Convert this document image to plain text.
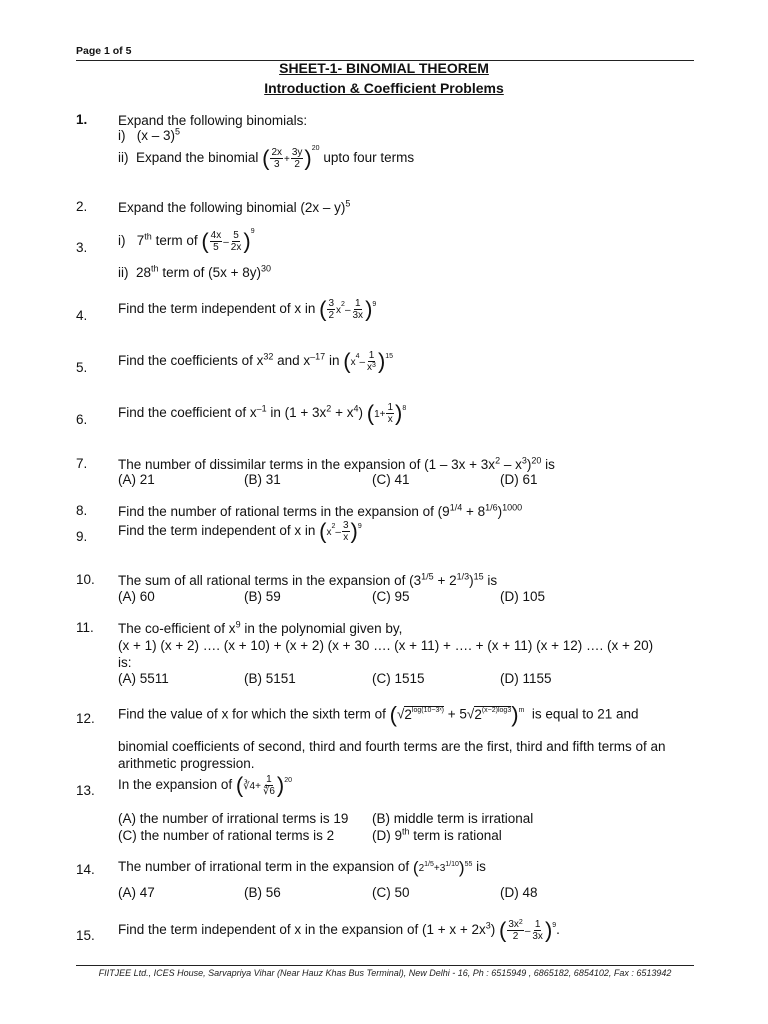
Page 1 of 5
SHEET-1- BINOMIAL THEOREM
Introduction & Coefficient Problems
1.	Expand the following binomials:
i) (x – 3)$^5$
ii) Expand the binomial ( $\frac{2x}{3} + \frac{3y}{2} )^{20}$ upto four terms
2.	Expand the following binomial (2x – y)$^5$
3.	i) 7th term of ( $\frac{4x}{5} - \frac{5}{2x} )^9$
ii) 28th term of $(5x + 8y)^{30}$
4.	Find the term independent of x in ( $\frac{3}{2} x^2- \frac{1}{3x} )^9$
5.	Find the coefficients of $x^{32}$ and $x^{-17}$ in $(x^4- \frac{1}{x^3} )^{15}$
6.	Find the coefficient of $x^{-1}$ in $(1 + 3x^2 + x^4)$ $(1+ \frac{1}{x} )^8$
7.	The number of dissimilar terms in the expansion of $(1 - 3x + 3x^2 - x^3)^{20}$ is
(A) 21	(B) 31	(C) 41	(D) 61
8.	Find the number of rational terms in the expansion of $(9^{1/4} + 8^{1/6})^{1000}$
9.	Find the term independent of x in $(x^2- \frac{3}{x} )^9$
10.	The sum of all rational terms in the expansion of $(3^{1/5} + 2^{1/3})^{15}$ is
(A) 60	(B) 59	(C) 95	(D) 105
11.	The co-efficient of $x^9$ in the polynomial given by,
(x + 1) (x + 2) …. (x + 10) + (x + 2) (x + 30 …. (x + 11) + …. + (x + 11) (x + 12) …. (x + 20)
is:
(A) 5511	(B) 5151	(C) 1515	(D) 1155
12.	Find the value of x for which the sixth term of $(√2^{log(10-3ˣ)} + 5√2^{(x-2)log3})^m$ is equal to 21 and
binomial coefficients of second, third and fourth terms are the first, third and fifth terms of an
arithmetic progression.
13.	In the expansion of (∛4+ $\frac{1}{∜6} )^{20}$
(A) the number of irrational terms is 19 (B) middle term is irrational
(C) the number of rational terms is 2	(D) 9th term is rational
14.	The number of irrational term in the expansion of $(2^{1/5}+3^{1/10})^{55}$ is
(A) 47	(B) 56	(C) 50	(D) 48
15.	Find the term independent of x in the expansion of $(1 + x + 2x^3)$ ( $\frac{3x^2}{2} - \frac{1}{3x} )^9$.
FIITJEE Ltd., ICES House, Sarvapriya Vihar (Near Hauz Khas Bus Terminal), New Delhi - 16, Ph : 6515949 , 6865182, 6854102, Fax : 6513942
